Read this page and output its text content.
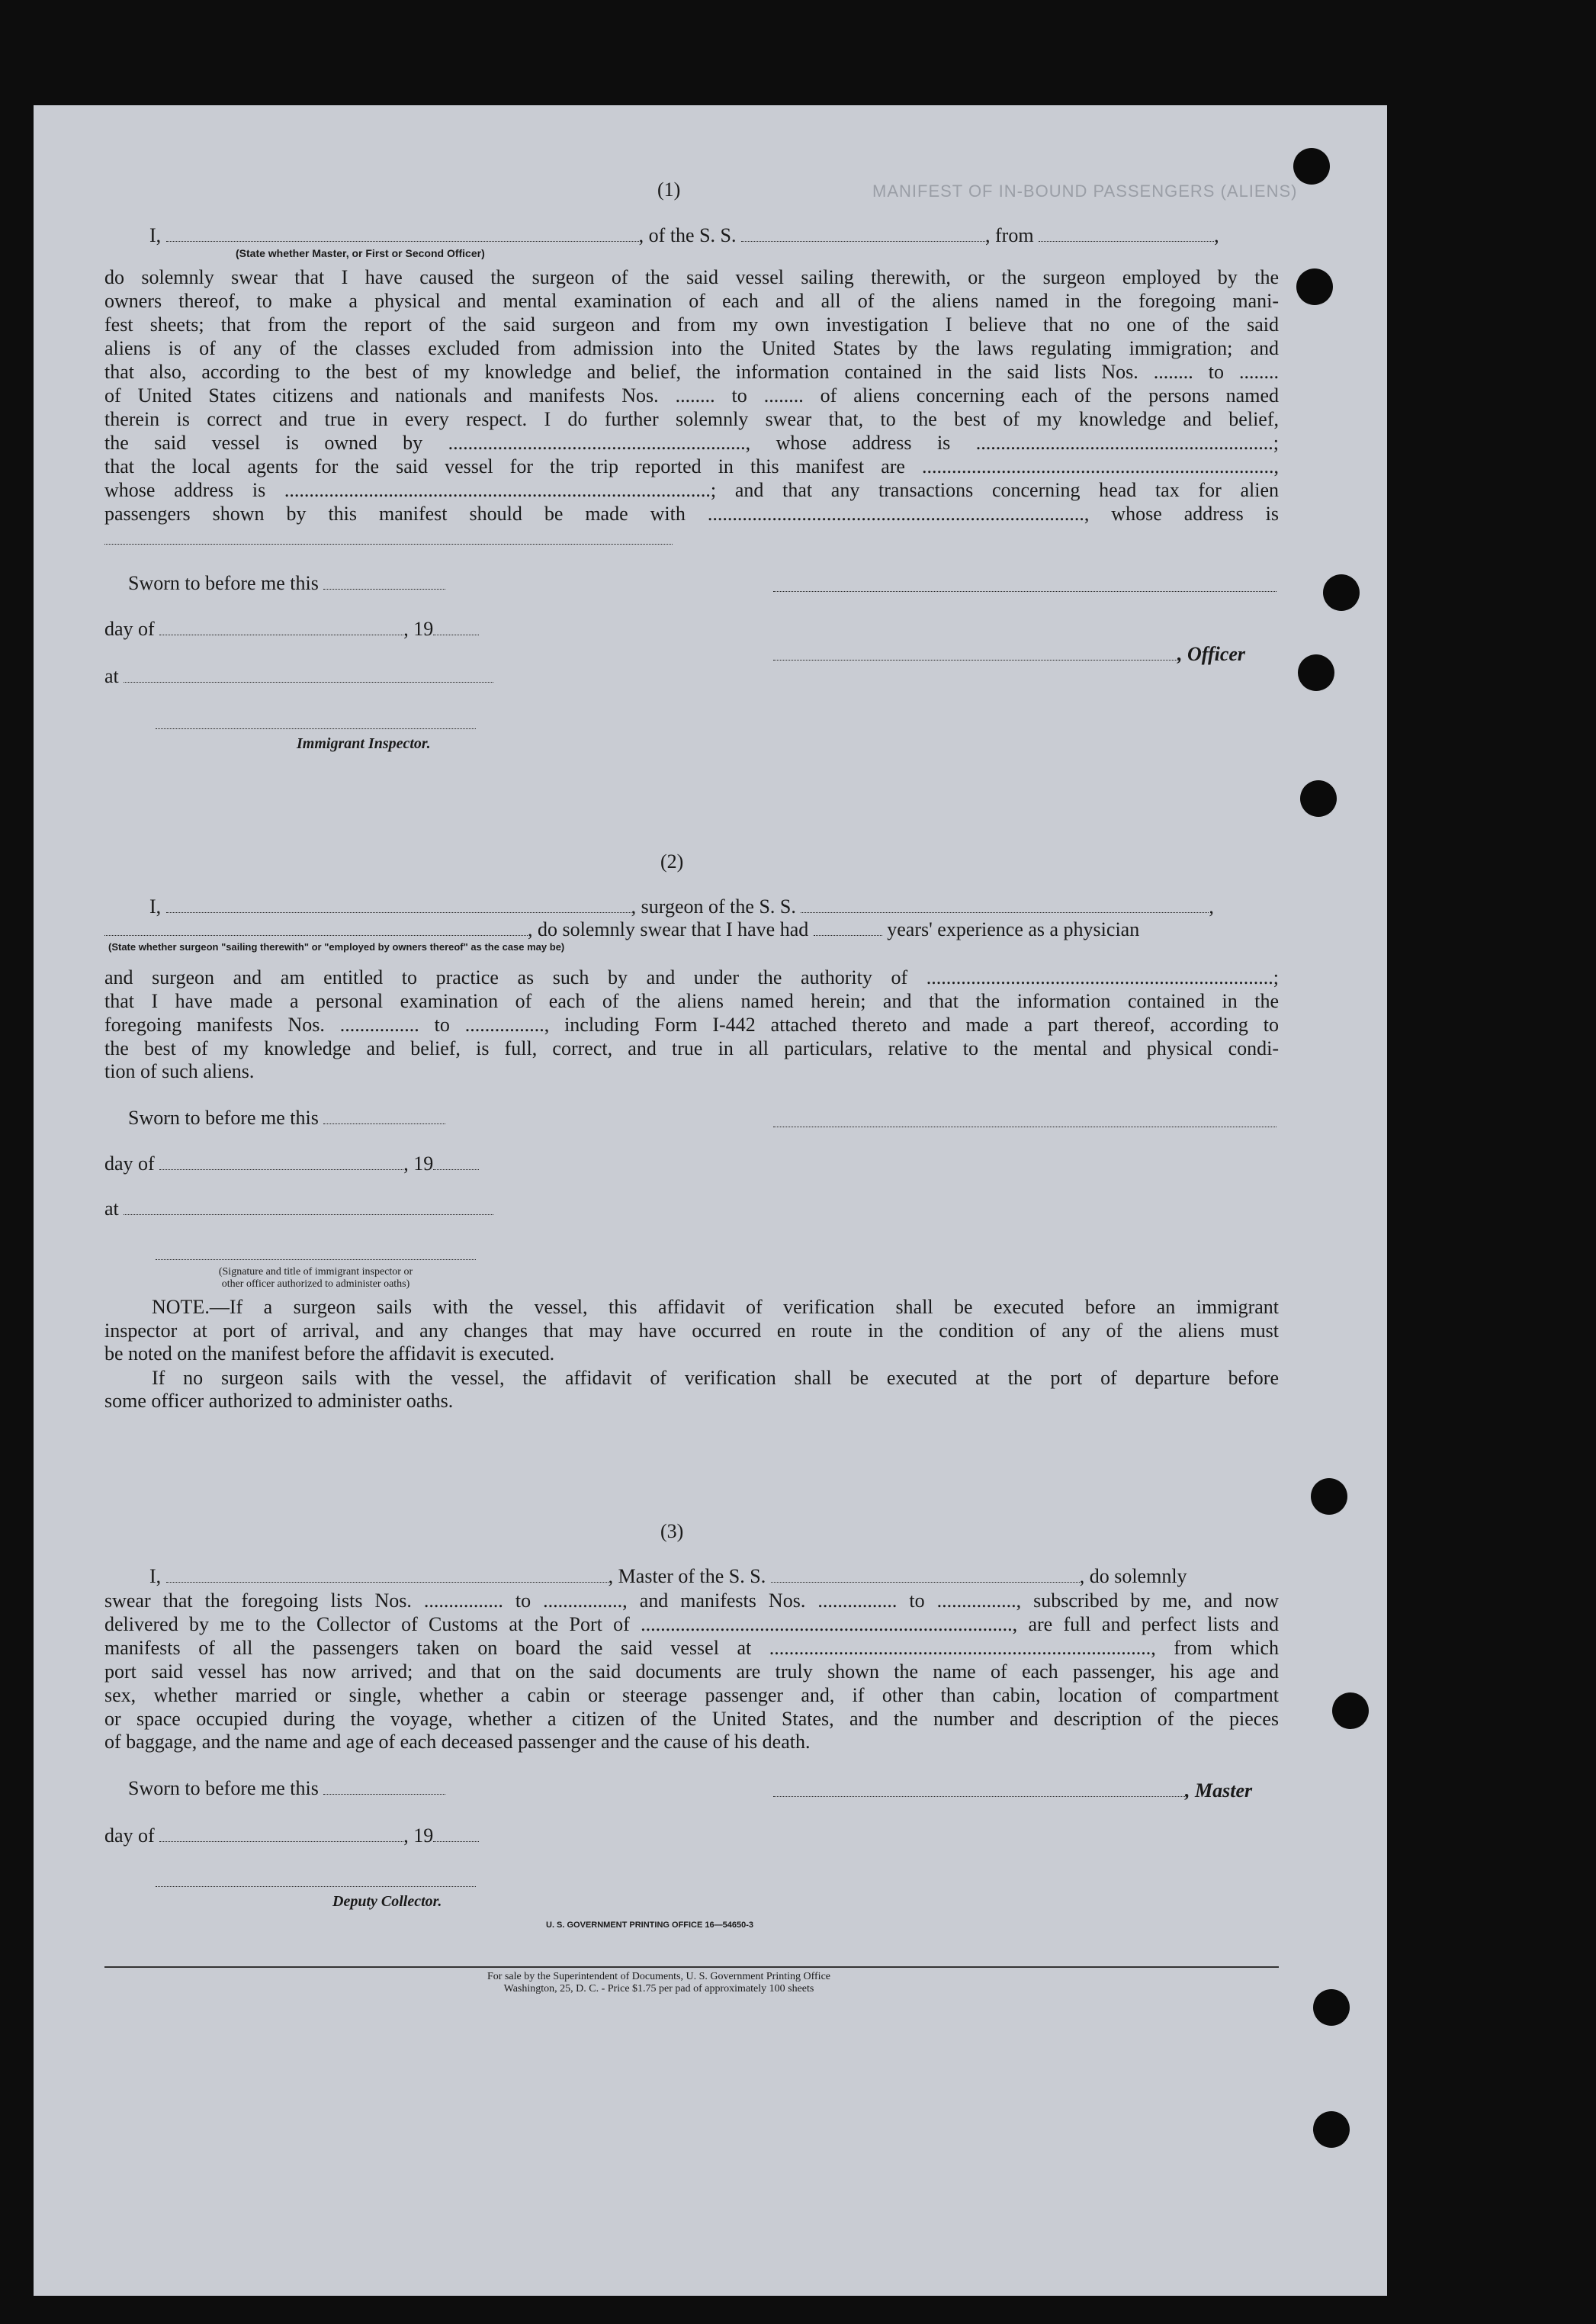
MANIFEST OF IN-BOUND PASSENGERS (ALIENS)
(1)
I,	, of the S. S.	, from	,
(State whether Master, or First or Second Officer)
do solemnly swear that I have caused the surgeon of the said vessel sailing therewith, or the surgeon employed by the
owners thereof, to make a physical and mental examination of each and all of the aliens named in the foregoing mani-
fest sheets; that from the report of the said surgeon and from my own investigation I believe that no one of the said
aliens is of any of the classes excluded from admission into the United States by the laws regulating immigration; and
that also, according to the best of my knowledge and belief, the information contained in the said lists Nos. ........ to ........
of United States citizens and nationals and manifests Nos. ........ to ........ of aliens concerning each of the persons named
therein is correct and true in every respect. I do further solemnly swear that, to the best of my knowledge and belief,
the said vessel is owned by ............................................................, whose address is ............................................................;
that the local agents for the said vessel for the trip reported in this manifest are .......................................................................,
whose address is ......................................................................................; and that any transactions concerning head tax for alien
passengers shown by this manifest should be made with ............................................................................, whose address is
Sworn to before me this
day of	, 19
, Officer
at
Immigrant Inspector.
(2)
I,	, surgeon of the S. S.	,
, do solemnly swear that I have had	years' experience as a physician
(State whether surgeon "sailing therewith" or "employed by owners thereof" as the case may be)
and surgeon and am entitled to practice as such by and under the authority of ......................................................................;
that I have made a personal examination of each of the aliens named herein; and that the information contained in the
foregoing manifests Nos. ................ to ................, including Form I-442 attached thereto and made a part thereof, according to
the best of my knowledge and belief, is full, correct, and true in all particulars, relative to the mental and physical condi-
tion of such aliens.
Sworn to before me this
day of	, 19
at
(Signature and title of immigrant inspector or
other officer authorized to administer oaths)
NOTE.—If a surgeon sails with the vessel, this affidavit of verification shall be executed before an immigrant
inspector at port of arrival, and any changes that may have occurred en route in the condition of any of the aliens must
be noted on the manifest before the affidavit is executed.
If no surgeon sails with the vessel, the affidavit of verification shall be executed at the port of departure before
some officer authorized to administer oaths.
(3)
I,	, Master of the S. S.	, do solemnly
swear that the foregoing lists Nos. ................ to ................, and manifests Nos. ................ to ................, subscribed by me, and now
delivered by me to the Collector of Customs at the Port of ..........................................................................., are full and perfect lists and
manifests of all the passengers taken on board the said vessel at ............................................................................., from which
port said vessel has now arrived; and that on the said documents are truly shown the name of each passenger, his age and
sex, whether married or single, whether a cabin or steerage passenger and, if other than cabin, location of compartment
or space occupied during the voyage, whether a citizen of the United States, and the number and description of the pieces
of baggage, and the name and age of each deceased passenger and the cause of his death.
Sworn to before me this	, Master
day of	, 19
Deputy Collector.
U. S. GOVERNMENT PRINTING OFFICE 16—54650-3
For sale by the Superintendent of Documents, U. S. Government Printing Office
Washington, 25, D. C. - Price $1.75 per pad of approximately 100 sheets
